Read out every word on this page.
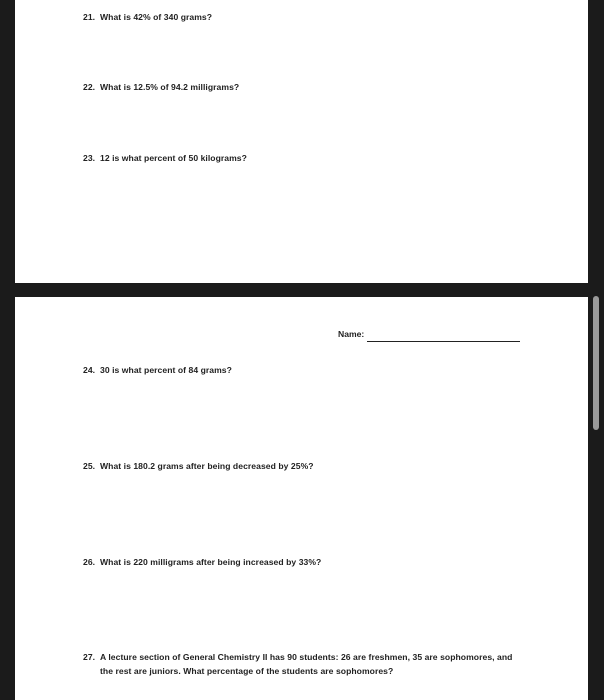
21. What is 42% of 340 grams?
22. What is 12.5% of 94.2 milligrams?
23. 12 is what percent of 50 kilograms?
Name:
24. 30 is what percent of 84 grams?
25. What is 180.2 grams after being decreased by 25%?
26. What is 220 milligrams after being increased by 33%?
27. A lecture section of General Chemistry II has 90 students: 26 are freshmen, 35 are sophomores, and the rest are juniors. What percentage of the students are sophomores?
